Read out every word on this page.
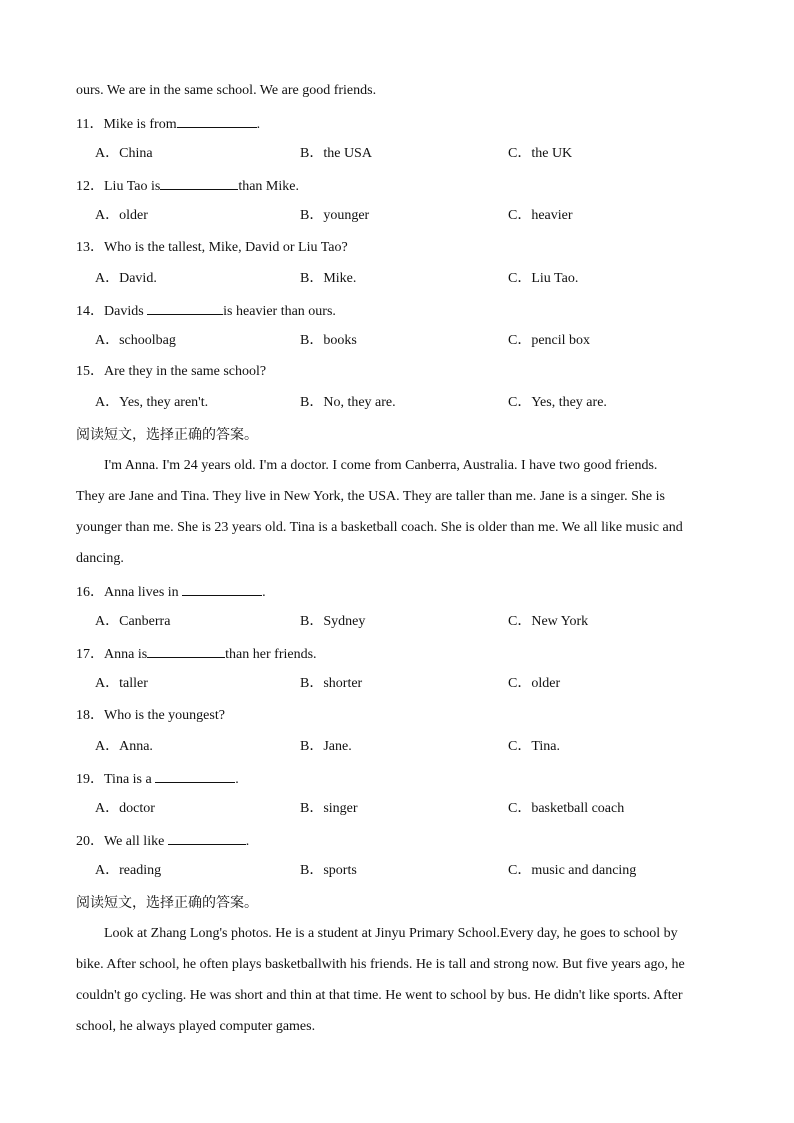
ours. We are in the same school. We are good friends.
11．Mike is from	.
A．China	B．the USA	C．the UK
12．Liu Tao is	than Mike.
A．older	B．younger	C．heavier
13．Who is the tallest, Mike, David or Liu Tao?
A．David.	B．Mike.	C．Liu Tao.
14．Davids	is heavier than ours.
A．schoolbag	B．books	C．pencil box
15．Are they in the same school?
A．Yes, they aren't.	B．No, they are.	C．Yes, they are.
阅读短文，选择正确的答案。
I'm Anna. I'm 24 years old. I'm a doctor. I come from Canberra, Australia. I have two good friends.
They are Jane and Tina. They live in New York, the USA. They are taller than me. Jane is a singer. She is
younger than me. She is 23 years old. Tina is a basketball coach. She is older than me. We all like music and
dancing.
16．Anna lives in	.
A．Canberra	B．Sydney	C．New York
17．Anna is	than her friends.
A．taller	B．shorter	C．older
18．Who is the youngest?
A．Anna.	B．Jane.	C．Tina.
19．Tina is a	.
A．doctor	B．singer	C．basketball coach
20．We all like	.
A．reading	B．sports	C．music and dancing
阅读短文，选择正确的答案。
Look at Zhang Long's photos. He is a student at Jinyu Primary School.Every day, he goes to school by
bike. After school, he often plays basketballwith his friends. He is tall and strong now. But five years ago, he
couldn't go cycling. He was short and thin at that time. He went to school by bus. He didn't like sports. After
school, he always played computer games.
